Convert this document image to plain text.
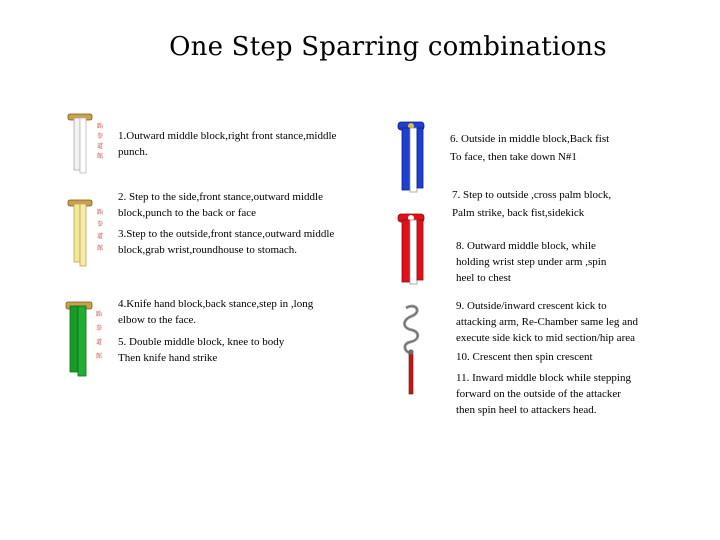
One Step Sparring combinations
跆
拳
道
館
跆
拳
道
館
跆
拳
道
館
1.Outward middle block,right front stance,middle
punch.
2. Step to the side,front stance,outward middle
block,punch to the back or face
3.Step to the outside,front stance,outward middle
block,grab wrist,roundhouse to stomach.
4.Knife hand block,back stance,step in ,long
elbow to the face.
5. Double middle block, knee to body
Then knife hand strike
6. Outside in middle block,Back fist
To face, then take down N#1
7. Step to outside ,cross palm block,
Palm strike, back fist,sidekick
8. Outward middle block, while
holding wrist step under arm ,spin
heel to chest
9. Outside/inward crescent kick to
attacking arm, Re-Chamber same leg and
execute side kick to mid section/hip area
10. Crescent then spin crescent
11. Inward middle block while stepping
forward on the outside of the attacker
then spin heel to attackers head.
